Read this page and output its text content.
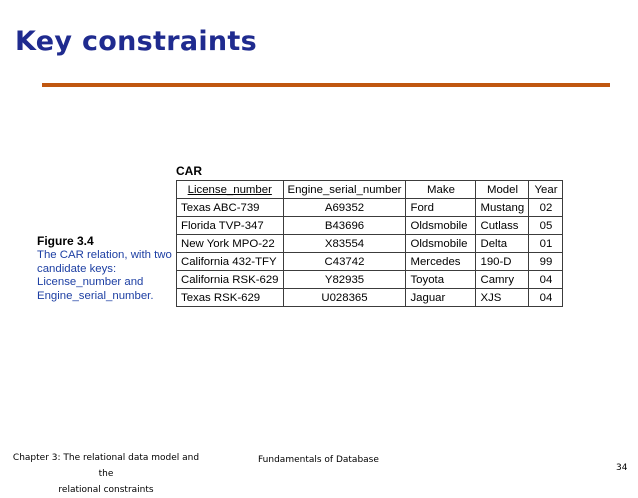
Key constraints
Figure 3.4
The CAR relation, with two candidate keys: License_number and Engine_serial_number.
CAR
License_number	Engine_serial_number	Make	Model	Year
Texas ABC-739	A69352	Ford	Mustang	02
Florida TVP-347	B43696	Oldsmobile	Cutlass	05
New York MPO-22	X83554	Oldsmobile	Delta	01
California 432-TFY	C43742	Mercedes	190-D	99
California RSK-629	Y82935	Toyota	Camry	04
Texas RSK-629	U028365	Jaguar	XJS	04
Chapter 3: The relational data model and the
relational constraints
Fundamentals of Database
34
